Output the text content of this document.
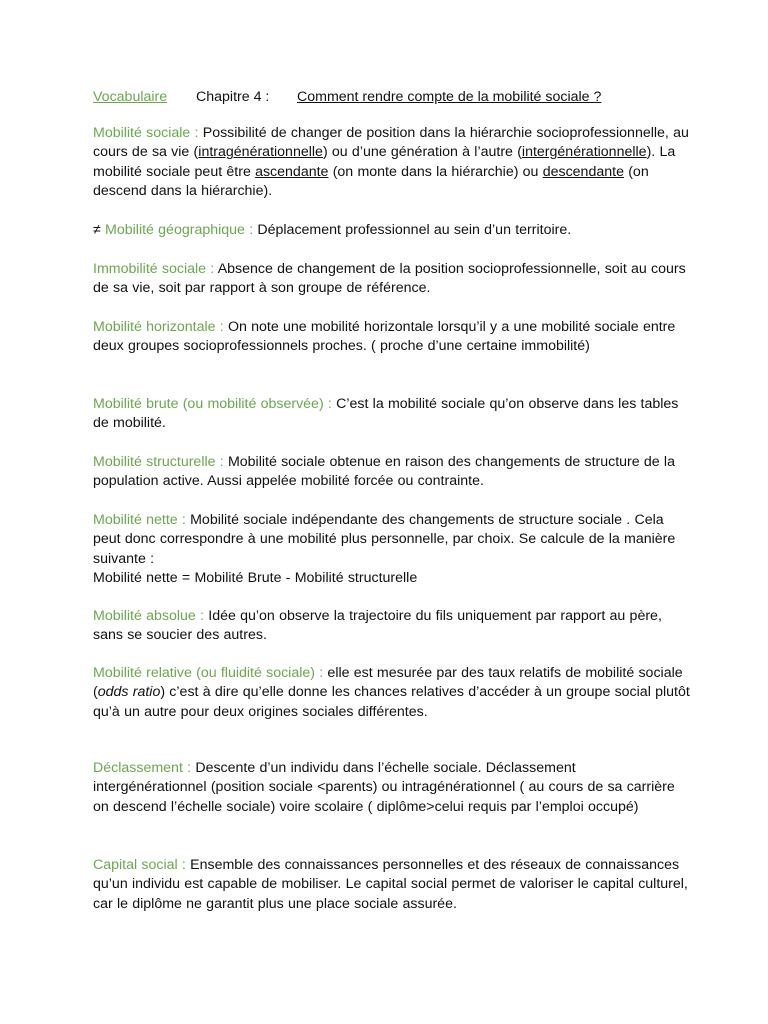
Vocabulaire Chapitre 4 : Comment rendre compte de la mobilité sociale ?
Mobilité sociale : Possibilité de changer de position dans la hiérarchie socioprofessionnelle, au cours de sa vie (intragénérationnelle) ou d’une génération à l’autre (intergénérationnelle). La mobilité sociale peut être ascendante (on monte dans la hiérarchie) ou descendante (on descend dans la hiérarchie).
≠ Mobilité géographique : Déplacement professionnel au sein d’un territoire.
Immobilité sociale : Absence de changement de la position socioprofessionnelle, soit au cours de sa vie, soit par rapport à son groupe de référence.
Mobilité horizontale : On note une mobilité horizontale lorsqu’il y a une mobilité sociale entre deux groupes socioprofessionnels proches. ( proche d’une certaine immobilité)
Mobilité brute (ou mobilité observée) : C’est la mobilité sociale qu’on observe dans les tables de mobilité.
Mobilité structurelle : Mobilité sociale obtenue en raison des changements de structure de la population active. Aussi appelée mobilité forcée ou contrainte.
Mobilité nette : Mobilité sociale indépendante des changements de structure sociale . Cela peut donc correspondre à une mobilité plus personnelle, par choix. Se calcule de la manière suivante :
Mobilité nette = Mobilité Brute - Mobilité structurelle
Mobilité absolue : Idée qu’on observe la trajectoire du fils uniquement par rapport au père, sans se soucier des autres.
Mobilité relative (ou fluidité sociale) : elle est mesurée par des taux relatifs de mobilité sociale (odds ratio) c’est à dire qu’elle donne les chances relatives d’accéder à un groupe social plutôt qu’à un autre pour deux origines sociales différentes.
Déclassement : Descente d’un individu dans l’échelle sociale. Déclassement intergénérationnel (position sociale <parents) ou intragénérationnel ( au cours de sa carrière on descend l’échelle sociale) voire scolaire ( diplôme>celui requis par l’emploi occupé)
Capital social : Ensemble des connaissances personnelles et des réseaux de connaissances qu’un individu est capable de mobiliser. Le capital social permet de valoriser le capital culturel, car le diplôme ne garantit plus une place sociale assurée.
